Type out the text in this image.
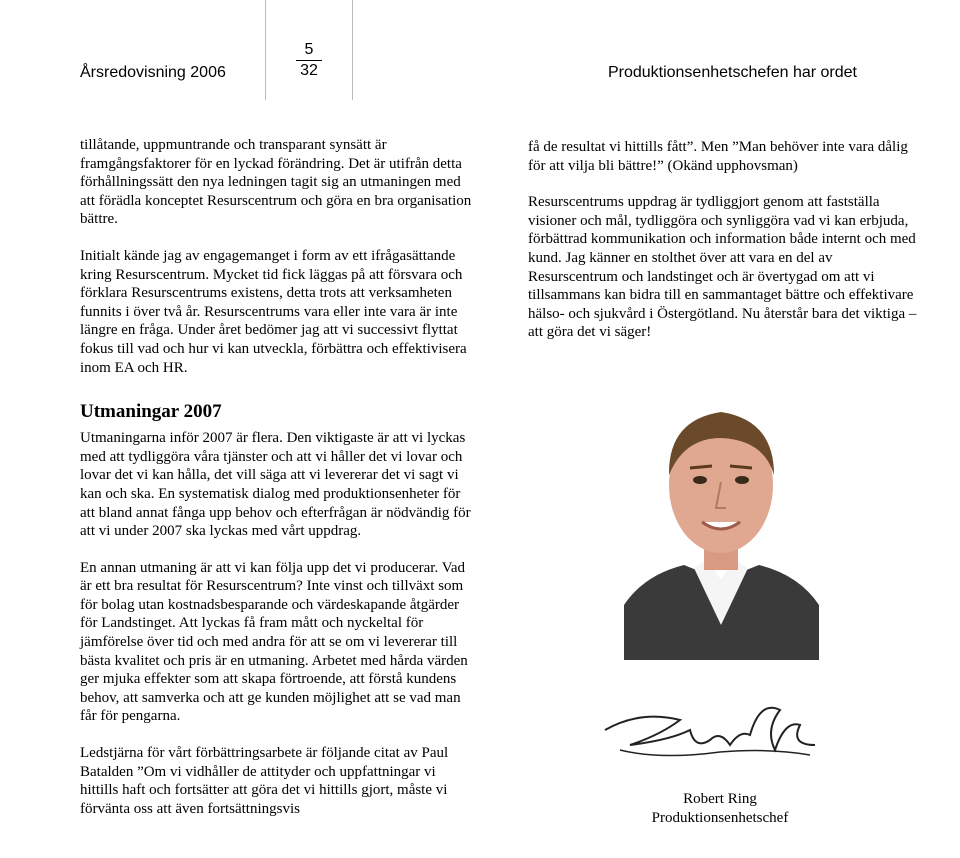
Årsredovisning 2006
5
32	Produktionsenhetschefen har ordet

tillåtande, uppmuntrande och transparant synsätt är framgångsfaktorer för en lyckad förändring. Det är utifrån detta förhållningssätt den nya ledningen tagit sig an utmaningen med att förädla konceptet Resurscentrum och göra en bra organisation bättre.

Initialt kände jag av engagemanget i form av ett ifrågasättande kring Resurscentrum. Mycket tid fick läggas på att försvara och förklara Resurscentrums existens, detta trots att verksamheten funnits i över två år. Resurscentrums vara eller inte vara är inte längre en fråga. Under året bedömer jag att vi successivt flyttat fokus till vad och hur vi kan utveckla, förbättra och effektivisera inom EA och HR.

Utmaningar 2007

Utmaningarna inför 2007 är flera. Den viktigaste är att vi lyckas med att tydliggöra våra tjänster och att vi håller det vi lovar och lovar det vi kan hålla, det vill säga att vi levererar det vi sagt vi kan och ska. En systematisk dialog med produktionsenheter för att bland annat fånga upp behov och efterfrågan är nödvändig för att vi under 2007 ska lyckas med vårt uppdrag.

En annan utmaning är att vi kan följa upp det vi producerar. Vad är ett bra resultat för Resurscentrum? Inte vinst och tillväxt som för bolag utan kostnadsbesparande och värdeskapande åtgärder för Landstinget. Att lyckas få fram mått och nyckeltal för jämförelse över tid och med andra för att se om vi levererar till bästa kvalitet och pris är en utmaning. Arbetet med hårda värden ger mjuka effekter som att skapa förtroende, att förstå kundens behov, att samverka och att ge kunden möjlighet att se vad man får för pengarna.

Ledstjärna för vårt förbättringsarbete är följande citat av Paul Batalden ”Om vi vidhåller de attityder och uppfattningar vi hittills haft och fortsätter att göra det vi hittills gjort, måste vi förvänta oss att även fortsättningsvis

få de resultat vi hittills fått”. Men ”Man behöver inte vara dålig för att vilja bli bättre!” (Okänd upphovsman)

Resurscentrums uppdrag är tydliggjort genom att fastställa visioner och mål, tydliggöra och synliggöra vad vi kan erbjuda, förbättrad kommunikation och information både internt och med kund. Jag känner en stolthet över att vara en del av Resurscentrum och landstinget och är övertygad om att vi tillsammans kan bidra till en sammantaget bättre och effektivare hälso- och sjukvård i Östergötland. Nu återstår bara det viktiga – att göra det vi säger!

Robert Ring
Produktionsenhetschef
